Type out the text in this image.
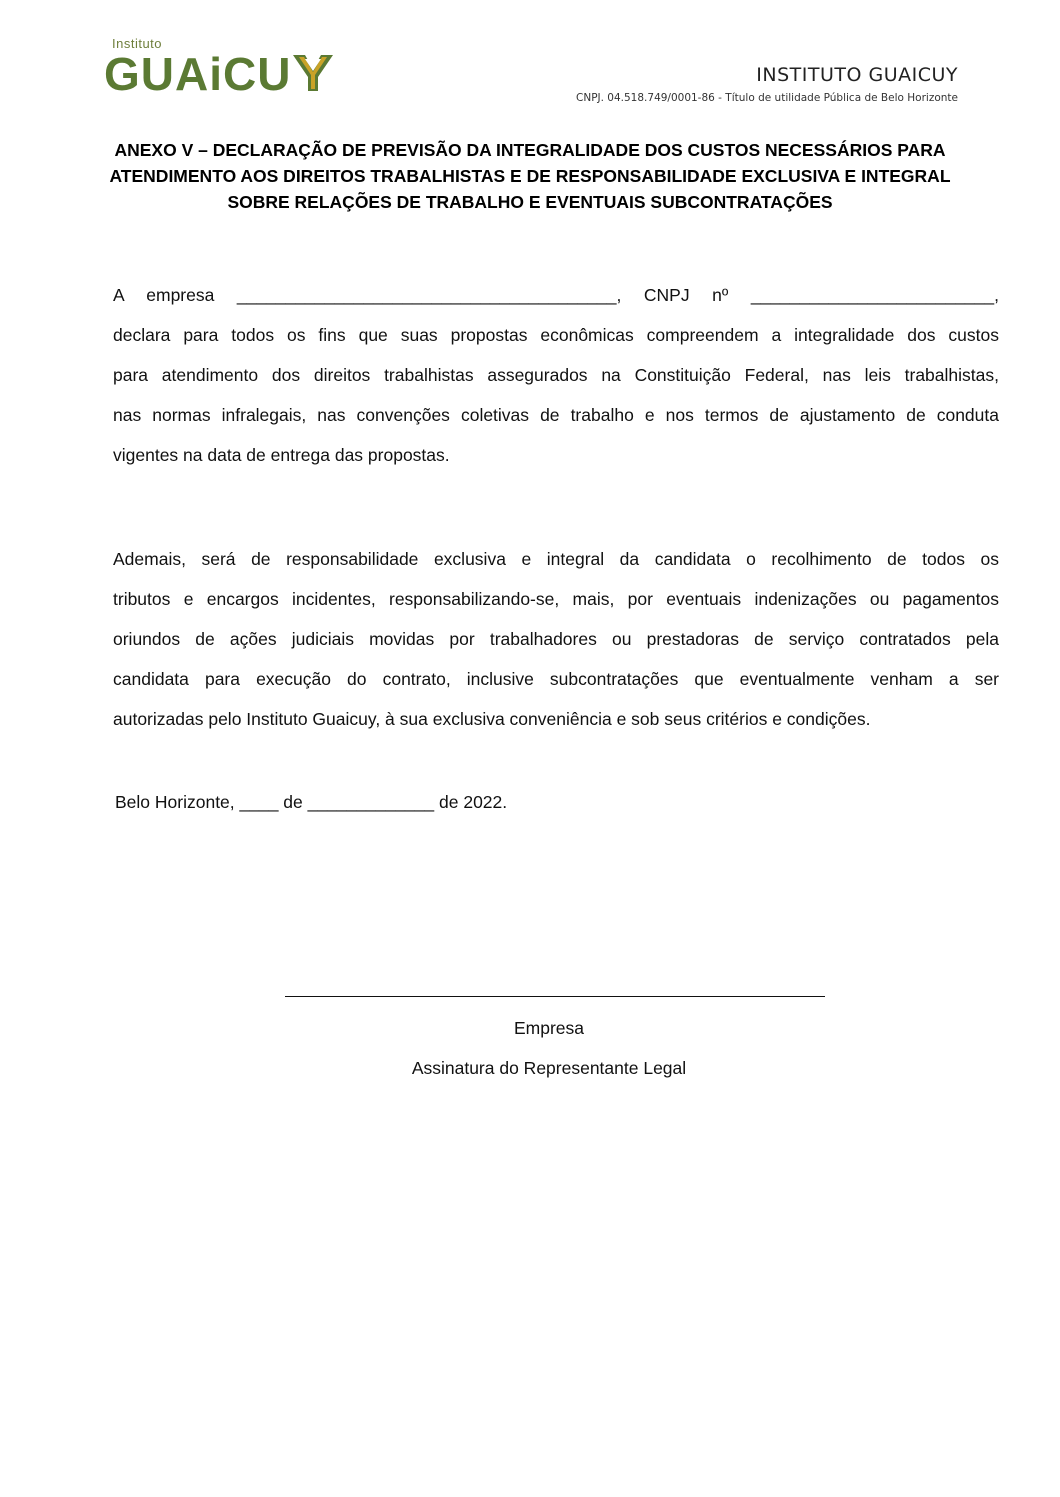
Instituto
GUAiCU	INSTITUTO GUAICUY
CNPJ. 04.518.749/0001-86 - Título de utilidade Pública de Belo Horizonte
ANEXO V – DECLARAÇÃO DE PREVISÃO DA INTEGRALIDADE DOS CUSTOS NECESSÁRIOS PARA
ATENDIMENTO AOS DIREITOS TRABALHISTAS E DE RESPONSABILIDADE EXCLUSIVA E INTEGRAL
SOBRE RELAÇÕES DE TRABALHO E EVENTUAIS SUBCONTRATAÇÕES
A empresa _______________________________________, CNPJ nº _________________________,
declara para todos os fins que suas propostas econômicas compreendem a integralidade dos custos
para atendimento dos direitos trabalhistas assegurados na Constituição Federal, nas leis trabalhistas,
nas normas infralegais, nas convenções coletivas de trabalho e nos termos de ajustamento de conduta
vigentes na data de entrega das propostas.
Ademais, será de responsabilidade exclusiva e integral da candidata o recolhimento de todos os
tributos e encargos incidentes, responsabilizando-se, mais, por eventuais indenizações ou pagamentos
oriundos de ações judiciais movidas por trabalhadores ou prestadoras de serviço contratados pela
candidata para execução do contrato, inclusive subcontratações que eventualmente venham a ser
autorizadas pelo Instituto Guaicuy, à sua exclusiva conveniência e sob seus critérios e condições.
Belo Horizonte, ____ de _____________ de 2022.
Empresa
Assinatura do Representante Legal
